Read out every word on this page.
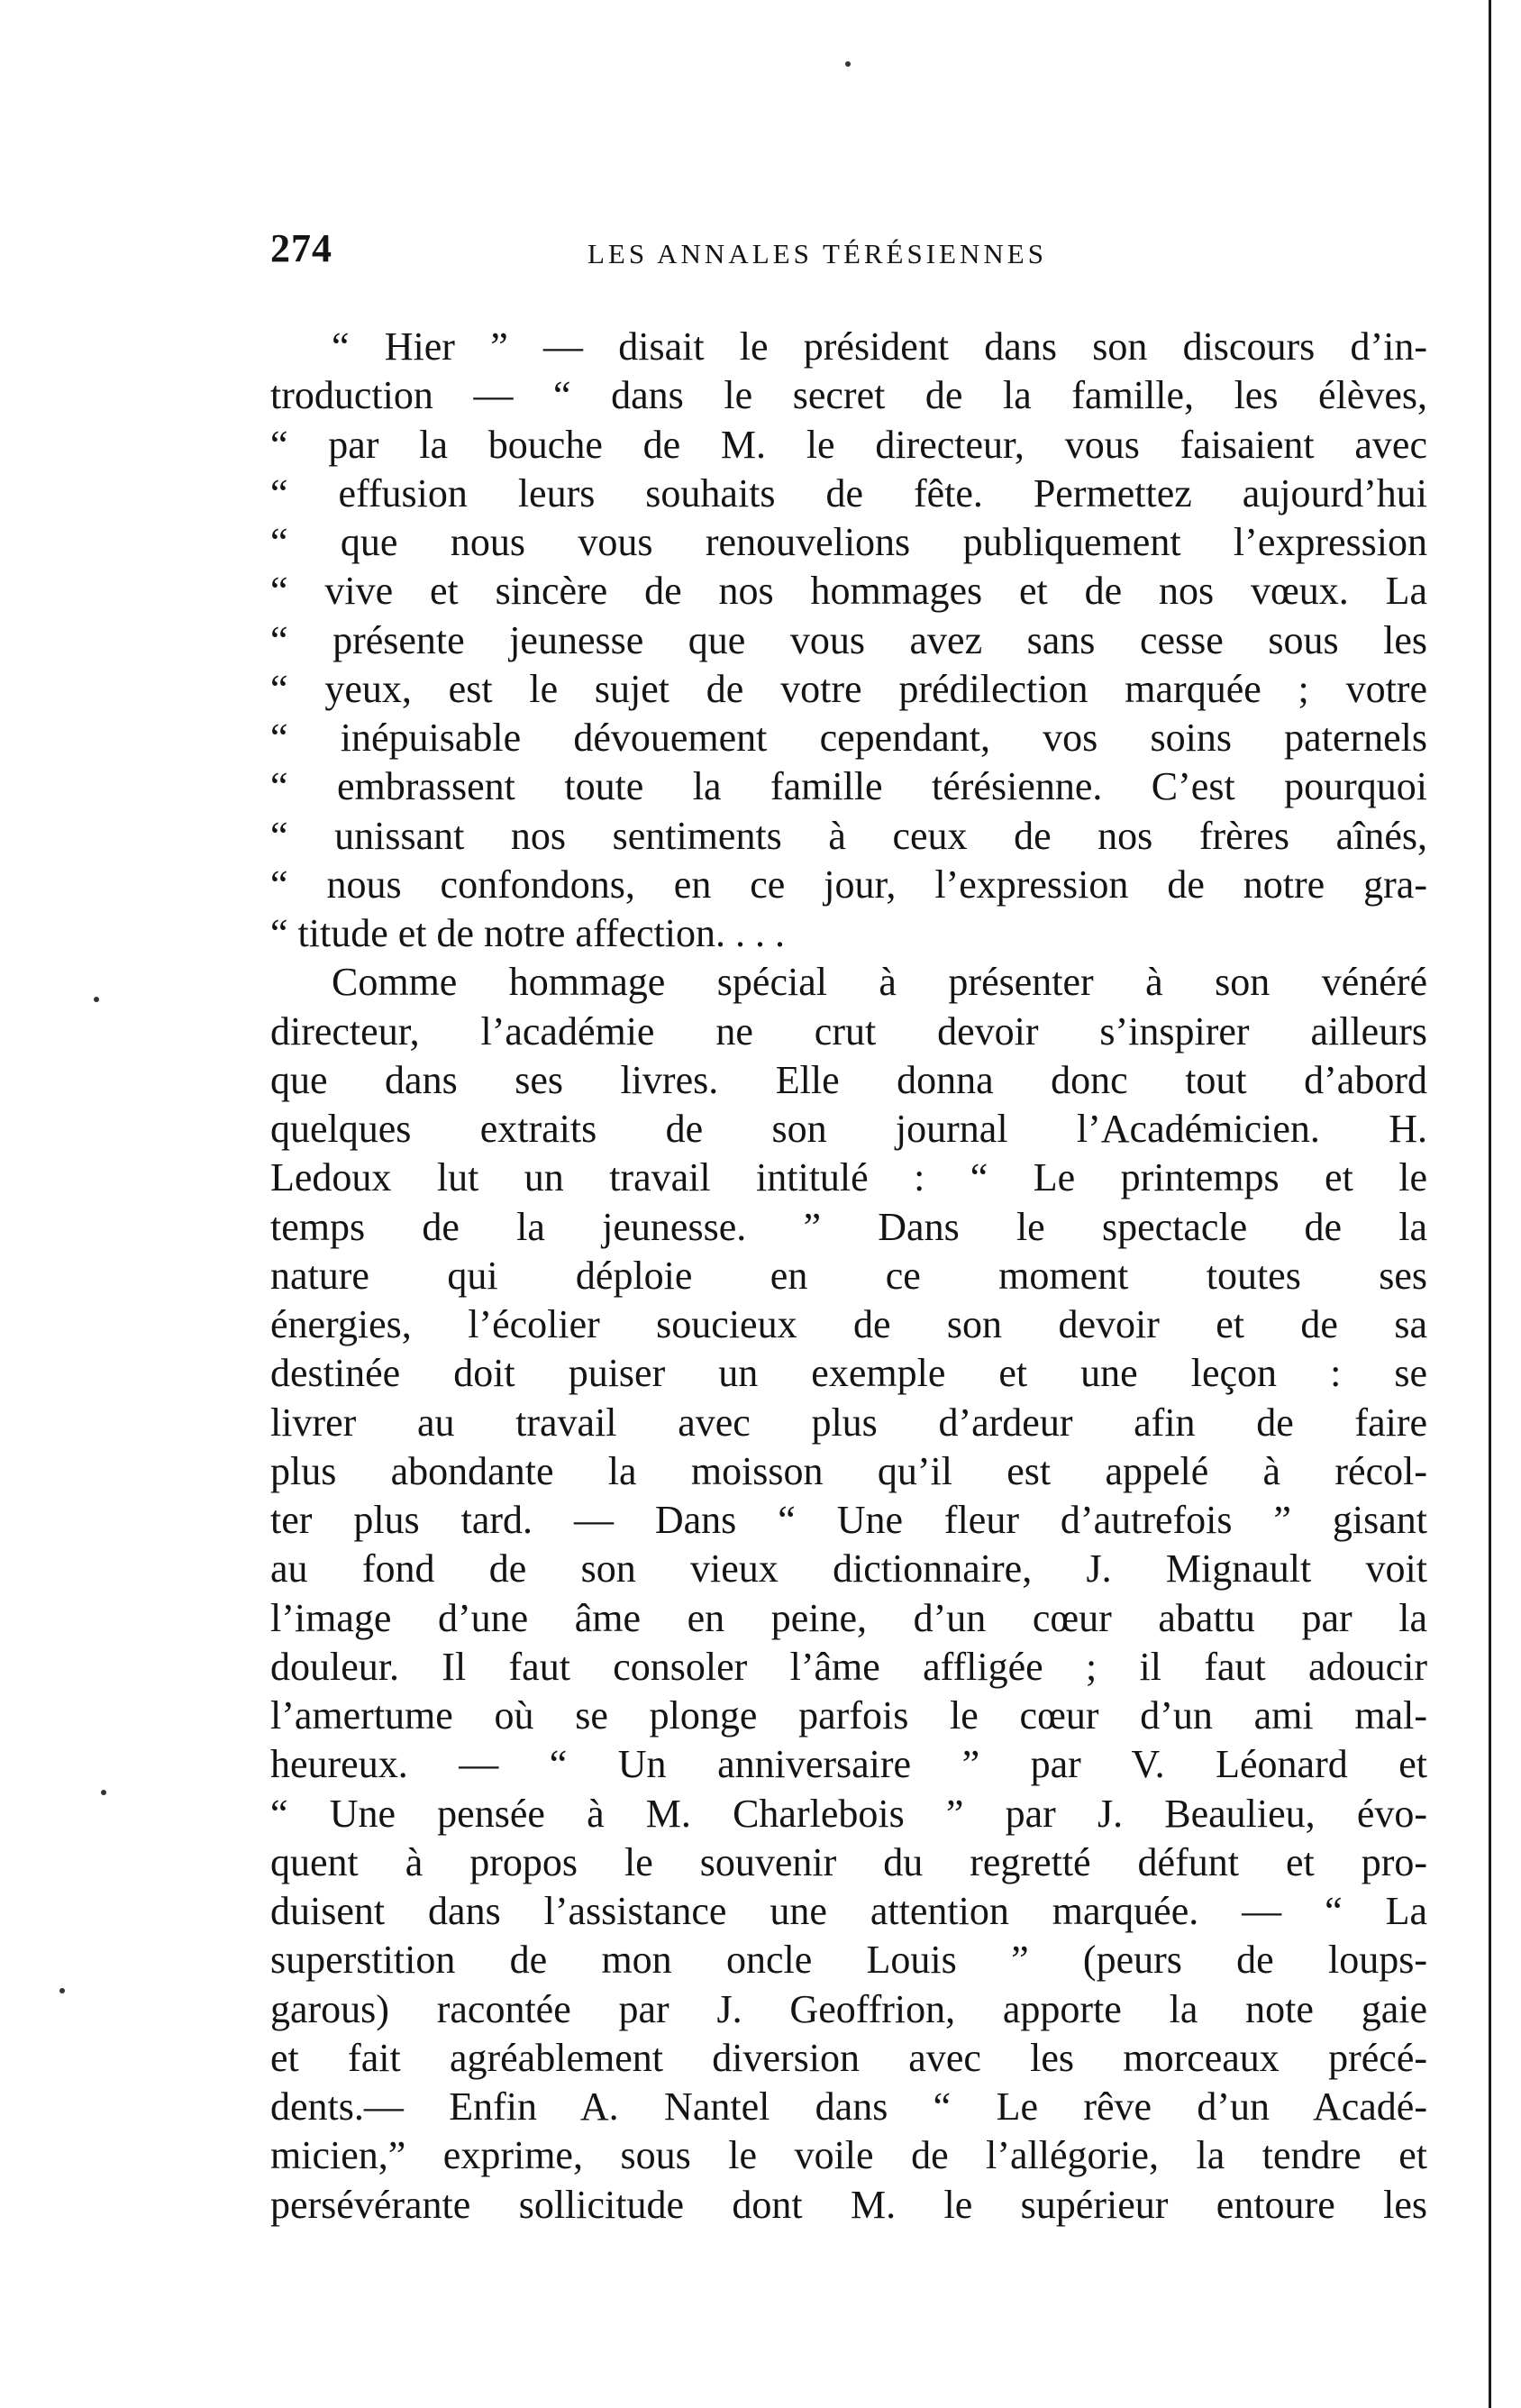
274	LES ANNALES TÉRÉSIENNES
“ Hier ” — disait le président dans son discours d’in-
troduction — “ dans le secret de la famille, les élèves,
“ par la bouche de M. le directeur, vous faisaient avec
“ effusion leurs souhaits de fête. Permettez aujourd’hui
“ que nous vous renouvelions publiquement l’expression
“ vive et sincère de nos hommages et de nos vœux. La
“ présente jeunesse que vous avez sans cesse sous les
“ yeux, est le sujet de votre prédilection marquée ; votre
“ inépuisable dévouement cependant, vos soins paternels
“ embrassent toute la famille térésienne. C’est pourquoi
“ unissant nos sentiments à ceux de nos frères aînés,
“ nous confondons, en ce jour, l’expression de notre gra-
“ titude et de notre affection. . . .
Comme hommage spécial à présenter à son vénéré
directeur, l’académie ne crut devoir s’inspirer ailleurs
que dans ses livres. Elle donna donc tout d’abord
quelques extraits de son journal l’Académicien. H.
Ledoux lut un travail intitulé : “ Le printemps et le
temps de la jeunesse. ” Dans le spectacle de la
nature qui déploie en ce moment toutes ses
énergies, l’écolier soucieux de son devoir et de sa
destinée doit puiser un exemple et une leçon : se
livrer au travail avec plus d’ardeur afin de faire
plus abondante la moisson qu’il est appelé à récol-
ter plus tard. — Dans “ Une fleur d’autrefois ” gisant
au fond de son vieux dictionnaire, J. Mignault voit
l’image d’une âme en peine, d’un cœur abattu par la
douleur. Il faut consoler l’âme affligée ; il faut adoucir
l’amertume où se plonge parfois le cœur d’un ami mal-
heureux. — “ Un anniversaire ” par V. Léonard et
“ Une pensée à M. Charlebois ” par J. Beaulieu, évo-
quent à propos le souvenir du regretté défunt et pro-
duisent dans l’assistance une attention marquée. — “ La
superstition de mon oncle Louis ” (peurs de loups-
garous) racontée par J. Geoffrion, apporte la note gaie
et fait agréablement diversion avec les morceaux précé-
dents.— Enfin A. Nantel dans “ Le rêve d’un Acadé-
micien,” exprime, sous le voile de l’allégorie, la tendre et
persévérante sollicitude dont M. le supérieur entoure les
